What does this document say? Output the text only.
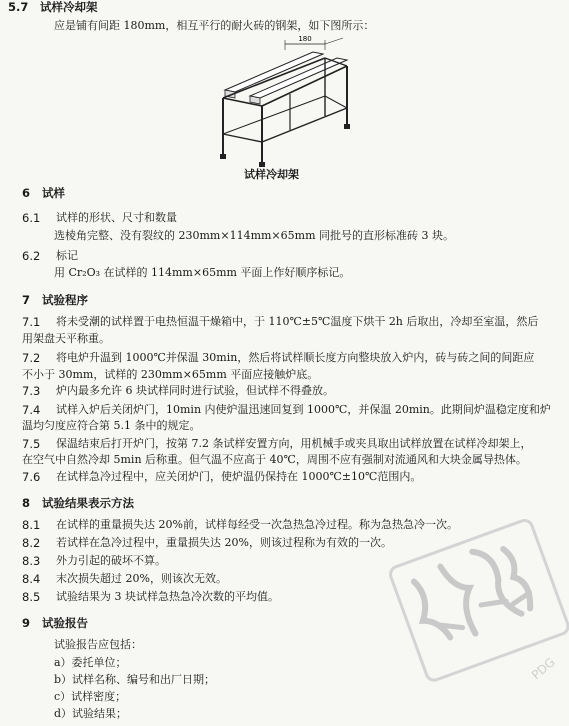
5.7 试样冷却架
应是铺有间距 180mm，相互平行的耐火砖的钢架，如下图所示：
180
试样冷却架
6 试样
6.1 试样的形状、尺寸和数量
选棱角完整、没有裂纹的 230mm×114mm×65mm 同批号的直形标准砖 3 块。
6.2 标记
用 Cr₂O₃ 在试样的 114mm×65mm 平面上作好顺序标记。
7 试验程序
7.1 将未受潮的试样置于电热恒温干燥箱中，于 110℃±5℃温度下烘干 2h 后取出，冷却至室温，然后
用架盘天平称重。
7.2 将电炉升温到 1000℃并保温 30min，然后将试样顺长度方向整块放入炉内，砖与砖之间的间距应
不小于 30mm，试样的 230mm×65mm 平面应接触炉底。
7.3 炉内最多允许 6 块试样同时进行试验，但试样不得叠放。
7.4 试样入炉后关闭炉门，10min 内使炉温迅速回复到 1000℃，并保温 20min。此期间炉温稳定度和炉
温均匀度应符合第 5.1 条中的规定。
7.5 保温结束后打开炉门，按第 7.2 条试样安置方向，用机械手或夹具取出试样放置在试样冷却架上，
在空气中自然冷却 5min 后称重。但气温不应高于 40℃，周围不应有强制对流通风和大块金属导热体。
7.6 在试样急冷过程中，应关闭炉门，使炉温仍保持在 1000℃±10℃范围内。
8 试验结果表示方法
8.1 在试样的重量损失达 20%前，试样每经受一次急热急冷过程。称为急热急冷一次。
8.2 若试样在急冷过程中，重量损失达 20%，则该过程称为有效的一次。
8.3 外力引起的破坏不算。
8.4 末次损失超过 20%，则该次无效。
8.5 试验结果为 3 块试样急热急冷次数的平均值。
9 试验报告
试验报告应包括：
a）委托单位；
b）试样名称、编号和出厂日期；
c）试样密度；
d）试验结果；
PDG
